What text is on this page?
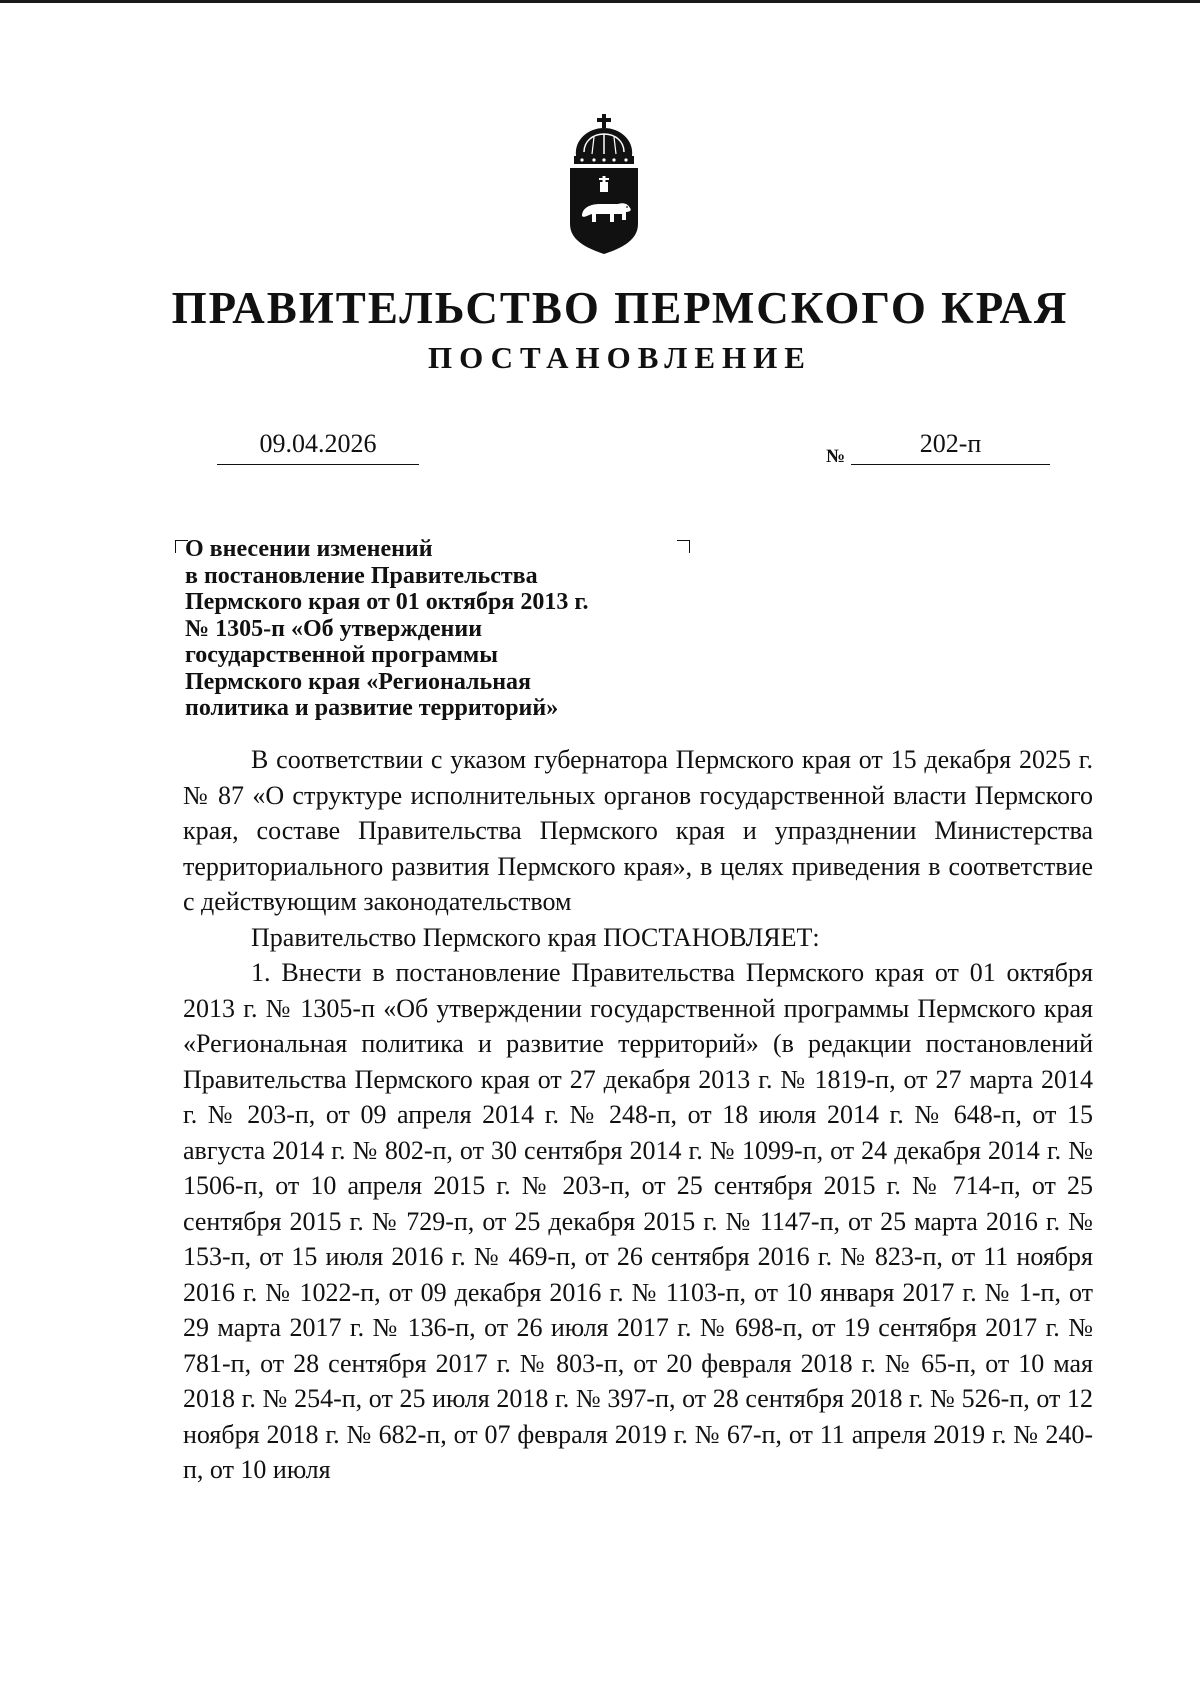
ПРАВИТЕЛЬСТВО ПЕРМСКОГО КРАЯ
ПОСТАНОВЛЕНИЕ
09.04.2026	№	202-п
О внесении изменений
в постановление Правительства
Пермского края от 01 октября 2013 г.
№ 1305-п «Об утверждении
государственной программы
Пермского края «Региональная
политика и развитие территорий»

В соответствии с указом губернатора Пермского края от 15 декабря 2025 г. № 87 «О структуре исполнительных органов государственной власти Пермского края, составе Правительства Пермского края и упразднении Министерства территориального развития Пермского края», в целях приведения в соответствие с действующим законодательством

Правительство Пермского края ПОСТАНОВЛЯЕТ:

1. Внести в постановление Правительства Пермского края от 01 октября 2013 г. № 1305-п «Об утверждении государственной программы Пермского края «Региональная политика и развитие территорий» (в редакции постановлений Правительства Пермского края от 27 декабря 2013 г. № 1819-п, от 27 марта 2014 г. № 203-п, от 09 апреля 2014 г. № 248-п, от 18 июля 2014 г. № 648-п, от 15 августа 2014 г. № 802-п, от 30 сентября 2014 г. № 1099-п, от 24 декабря 2014 г. № 1506-п, от 10 апреля 2015 г. № 203-п, от 25 сентября 2015 г. № 714-п, от 25 сентября 2015 г. № 729-п, от 25 декабря 2015 г. № 1147-п, от 25 марта 2016 г. № 153-п, от 15 июля 2016 г. № 469-п, от 26 сентября 2016 г. № 823-п, от 11 ноября 2016 г. № 1022-п, от 09 декабря 2016 г. № 1103-п, от 10 января 2017 г. № 1-п, от 29 марта 2017 г. № 136-п, от 26 июля 2017 г. № 698-п, от 19 сентября 2017 г. № 781-п, от 28 сентября 2017 г. № 803-п, от 20 февраля 2018 г. № 65-п, от 10 мая 2018 г. № 254-п, от 25 июля 2018 г. № 397-п, от 28 сентября 2018 г. № 526-п, от 12 ноября 2018 г. № 682-п, от 07 февраля 2019 г. № 67-п, от 11 апреля 2019 г. № 240-п, от 10 июля
